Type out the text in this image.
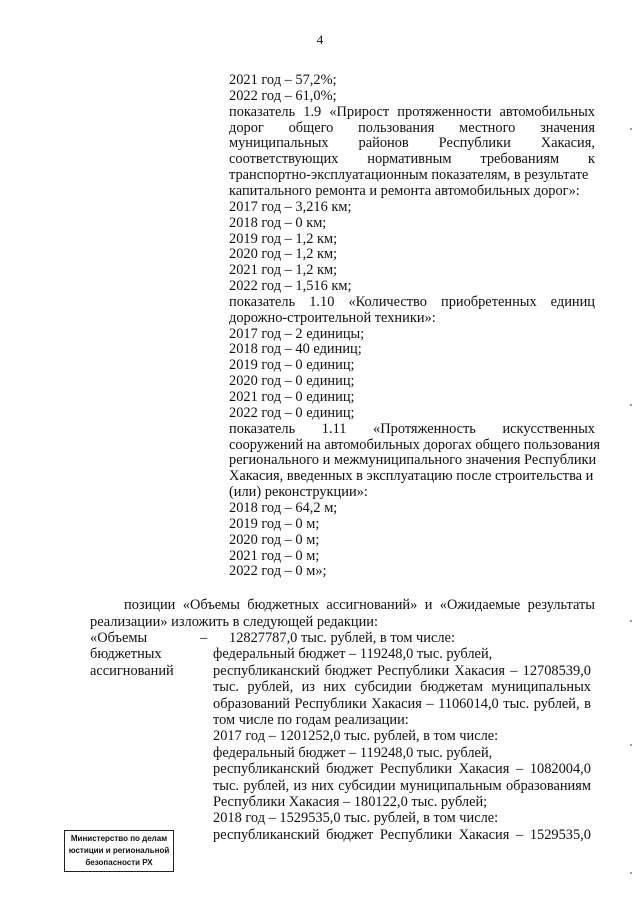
4
Министерство по делам
юстиции и региональной
безопасности РХ
2021 год – 57,2%;
2022 год – 61,0%;
показатель 1.9 «Прирост протяженности автомобильных
дорог общего пользования местного значения
муниципальных районов Республики Хакасия,
соответствующих нормативным требованиям к
транспортно-эксплуатационным показателям, в результате
капитального ремонта и ремонта автомобильных дорог»:
2017 год – 3,216 км;
2018 год – 0 км;
2019 год – 1,2 км;
2020 год – 1,2 км;
2021 год – 1,2 км;
2022 год – 1,516 км;
показатель 1.10 «Количество приобретенных единиц
дорожно-строительной техники»:
2017 год – 2 единицы;
2018 год – 40 единиц;
2019 год – 0 единиц;
2020 год – 0 единиц;
2021 год – 0 единиц;
2022 год – 0 единиц;
показатель 1.11 «Протяженность искусственных
сооружений на автомобильных дорогах общего пользования
регионального и межмуниципального значения Республики
Хакасия, введенных в эксплуатацию после строительства и
(или) реконструкции»:
2018 год – 64,2 м;
2019 год – 0 м;
2020 год – 0 м;
2021 год – 0 м;
2022 год – 0 м»;
позиции «Объемы бюджетных ассигнований» и «Ожидаемые результаты
реализации» изложить в следующей редакции:
«Объемы
бюджетных
ассигнований
– 12827787,0 тыс. рублей, в том числе:
федеральный бюджет – 119248,0 тыс. рублей,
республиканский бюджет Республики Хакасия – 12708539,0
тыс. рублей, из них субсидии бюджетам муниципальных
образований Республики Хакасия – 1106014,0 тыс. рублей, в
том числе по годам реализации:
2017 год – 1201252,0 тыс. рублей, в том числе:
федеральный бюджет – 119248,0 тыс. рублей,
республиканский бюджет Республики Хакасия – 1082004,0
тыс. рублей, из них субсидии муниципальным образованиям
Республики Хакасия – 180122,0 тыс. рублей;
2018 год – 1529535,0 тыс. рублей, в том числе:
республиканский бюджет Республики Хакасия – 1529535,0
